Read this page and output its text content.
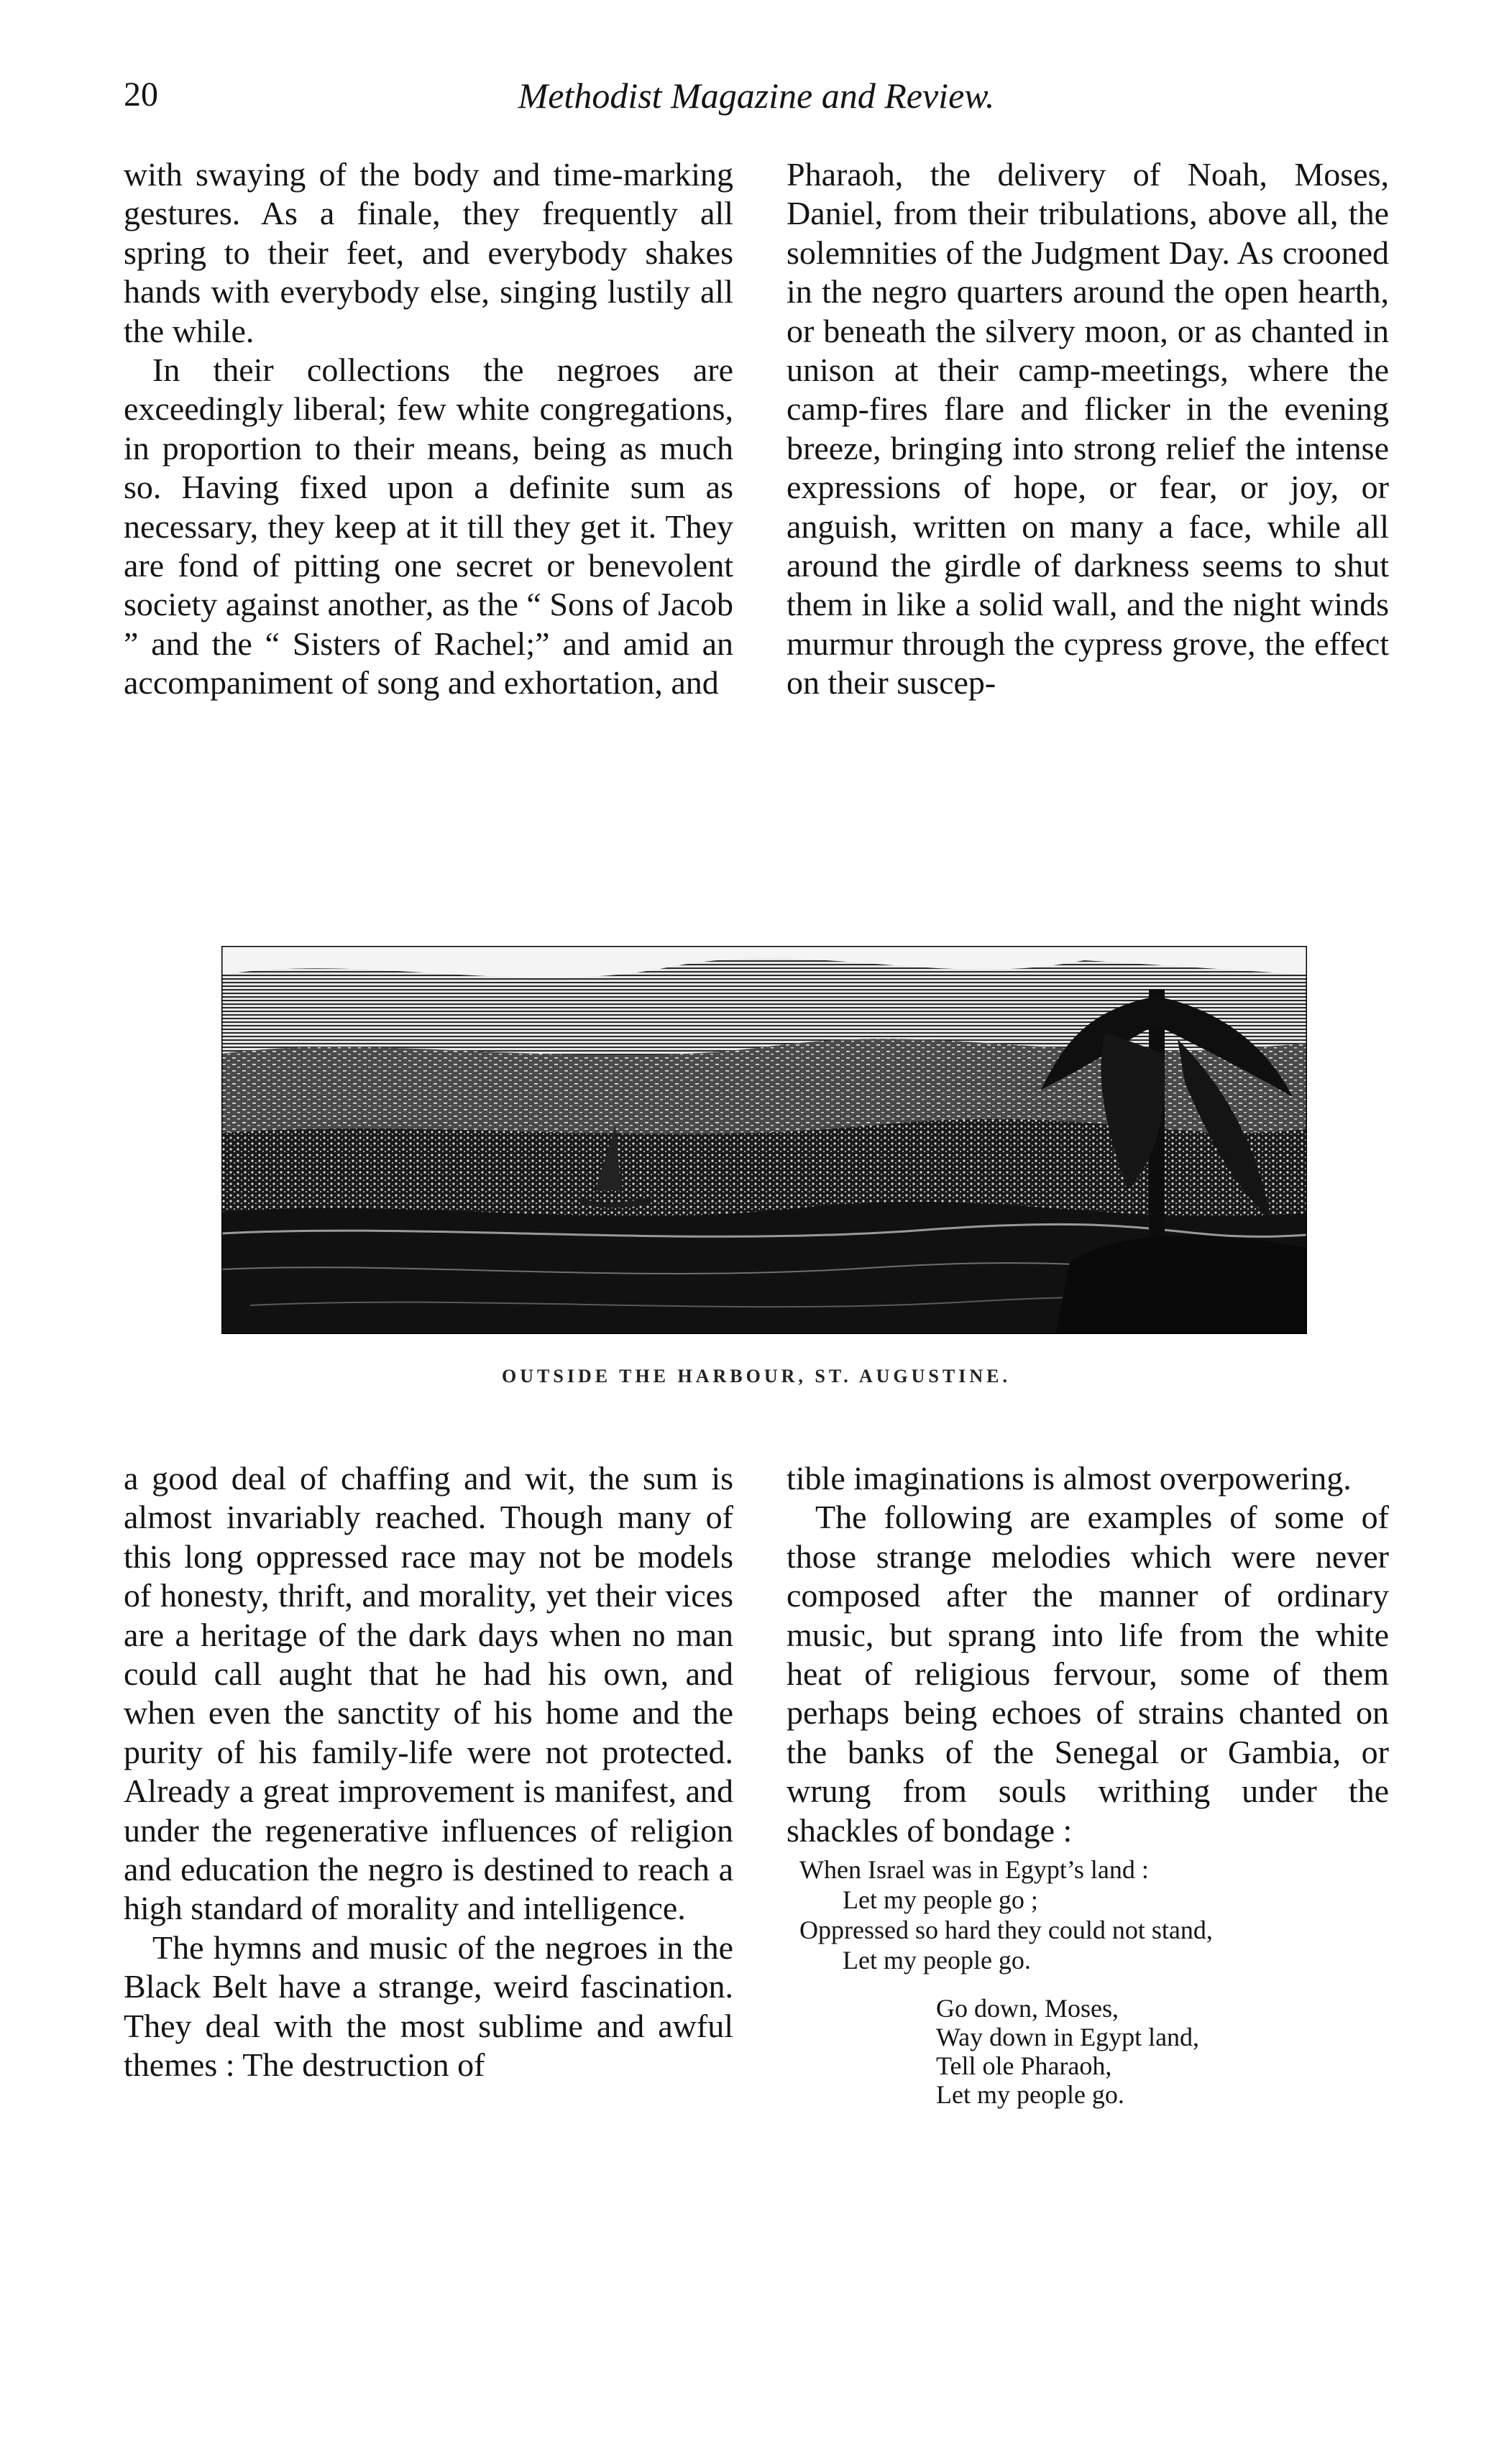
20	Methodist Magazine and Review.

with swaying of the body and time-marking gestures. As a finale, they frequently all spring to their feet, and everybody shakes hands with everybody else, singing lustily all the while.

In their collections the negroes are exceedingly liberal; few white congregations, in proportion to their means, being as much so. Having fixed upon a definite sum as necessary, they keep at it till they get it. They are fond of pitting one secret or benevolent society against another, as the “ Sons of Jacob ” and the “ Sisters of Rachel;” and amid an accompaniment of song and exhortation, and

Pharaoh, the delivery of Noah, Moses, Daniel, from their tribulations, above all, the solemnities of the Judgment Day. As crooned in the negro quarters around the open hearth, or beneath the silvery moon, or as chanted in unison at their camp-meetings, where the camp-fires flare and flicker in the evening breeze, bringing into strong relief the intense expressions of hope, or fear, or joy, or anguish, written on many a face, while all around the girdle of darkness seems to shut them in like a solid wall, and the night winds murmur through the cypress grove, the effect on their suscep-

OUTSIDE THE HARBOUR, ST. AUGUSTINE.

a good deal of chaffing and wit, the sum is almost invariably reached. Though many of this long oppressed race may not be models of honesty, thrift, and morality, yet their vices are a heritage of the dark days when no man could call aught that he had his own, and when even the sanctity of his home and the purity of his family-life were not protected. Already a great improvement is manifest, and under the regenerative influences of religion and education the negro is destined to reach a high standard of morality and intelligence.

The hymns and music of the negroes in the Black Belt have a strange, weird fascination. They deal with the most sublime and awful themes : The destruction of

tible imaginations is almost overpowering.

The following are examples of some of those strange melodies which were never composed after the manner of ordinary music, but sprang into life from the white heat of religious fervour, some of them perhaps being echoes of strains chanted on the banks of the Senegal or Gambia, or wrung from souls writhing under the shackles of bondage :

When Israel was in Egypt’s land :
Let my people go ;
Oppressed so hard they could not stand,
Let my people go.
Go down, Moses,
Way down in Egypt land,
Tell ole Pharaoh,
Let my people go.
